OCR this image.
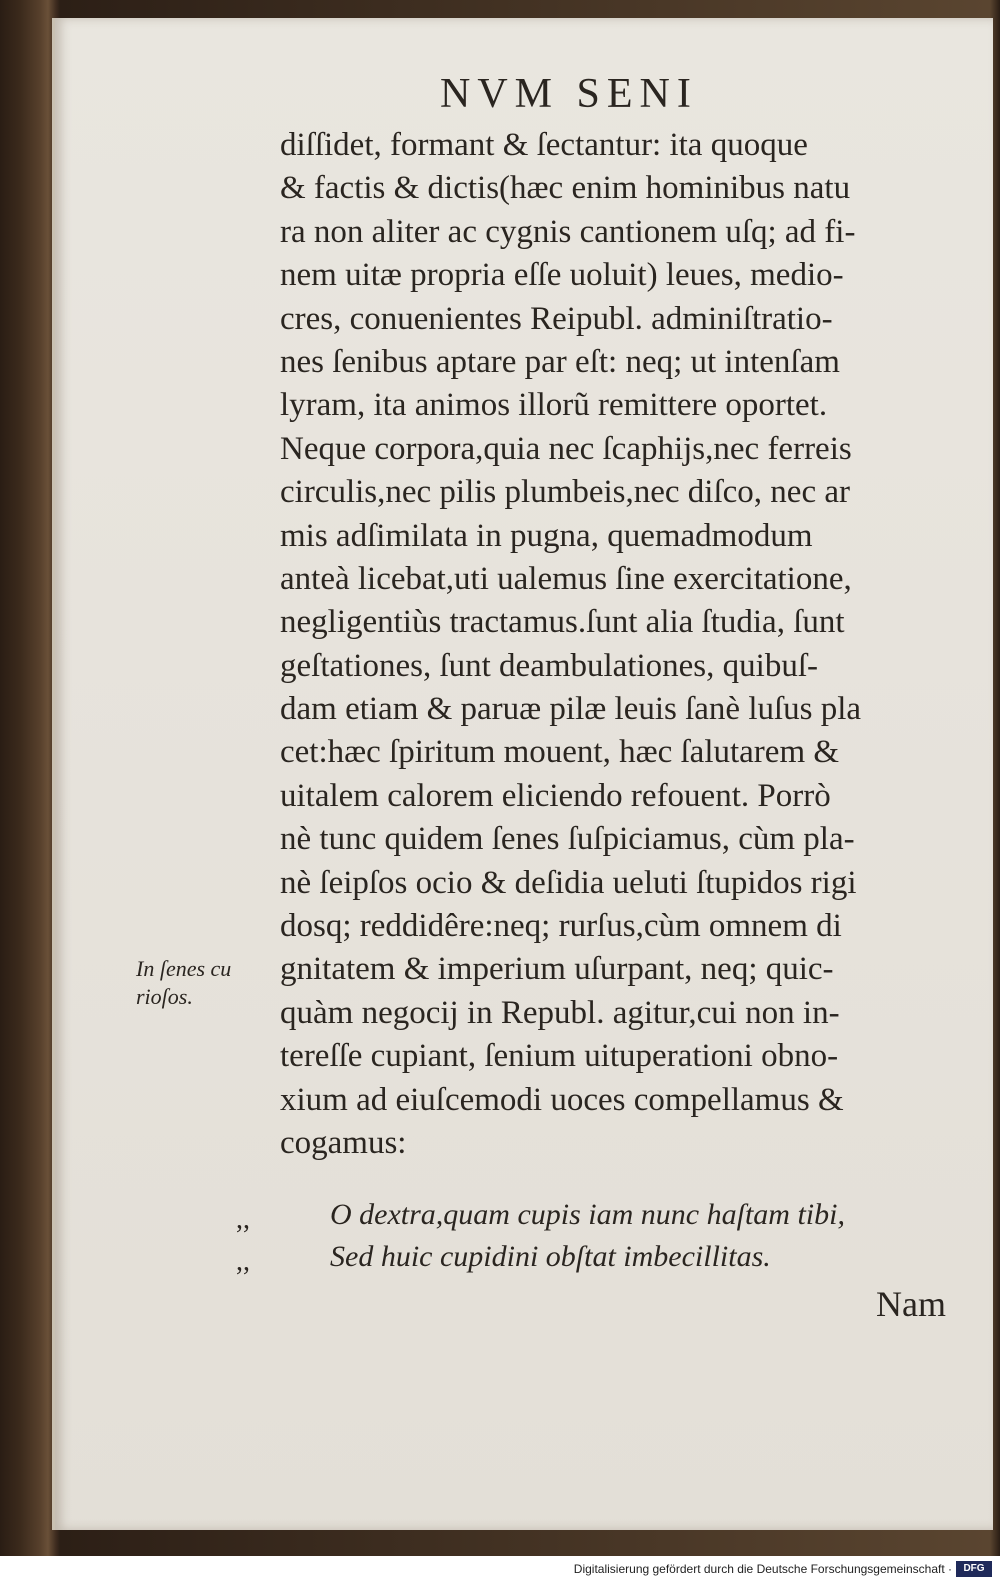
NVM SENI
diſſidet, formant & ſectantur: ita quoque
& factis & dictis(hæc enim hominibus natu
ra non aliter ac cygnis cantionem uſq; ad fi-
nem uitæ propria eſſe uoluit) leues, medio-
cres, conuenientes Reipubl. adminiſtratio-
nes ſenibus aptare par eſt: neq; ut intenſam
lyram, ita animos illorũ remittere oportet.
Neque corpora,quia nec ſcaphijs,nec ferreis
circulis,nec pilis plumbeis,nec diſco, nec ar
mis adſimilata in pugna, quemadmodum
anteà licebat,uti ualemus ſine exercitatione,
negligentiùs tractamus.ſunt alia ſtudia, ſunt
geſtationes, ſunt deambulationes, quibuſ-
dam etiam & paruæ pilæ leuis ſanè luſus pla
cet:hæc ſpiritum mouent, hæc ſalutarem &
uitalem calorem eliciendo refouent. Porrò
nè tunc quidem ſenes ſuſpiciamus, cùm pla-
nè ſeipſos ocio & deſidia ueluti ſtupidos rigi
dosq; reddidêre:neq; rurſus,cùm omnem di
gnitatem & imperium uſurpant, neq; quic-
quàm negocij in Republ. agitur,cui non in-
tereſſe cupiant, ſenium uituperationi obno-
xium ad eiuſcemodi uoces compellamus &
cogamus:
In ſenes cu rioſos.
,,
,,
O dextra,quam cupis iam nunc haſtam tibi,
Sed huic cupidini obſtat imbecillitas.
Nam
Digitalisierung gefördert durch die Deutsche Forschungsgemeinschaft ·	DFG
